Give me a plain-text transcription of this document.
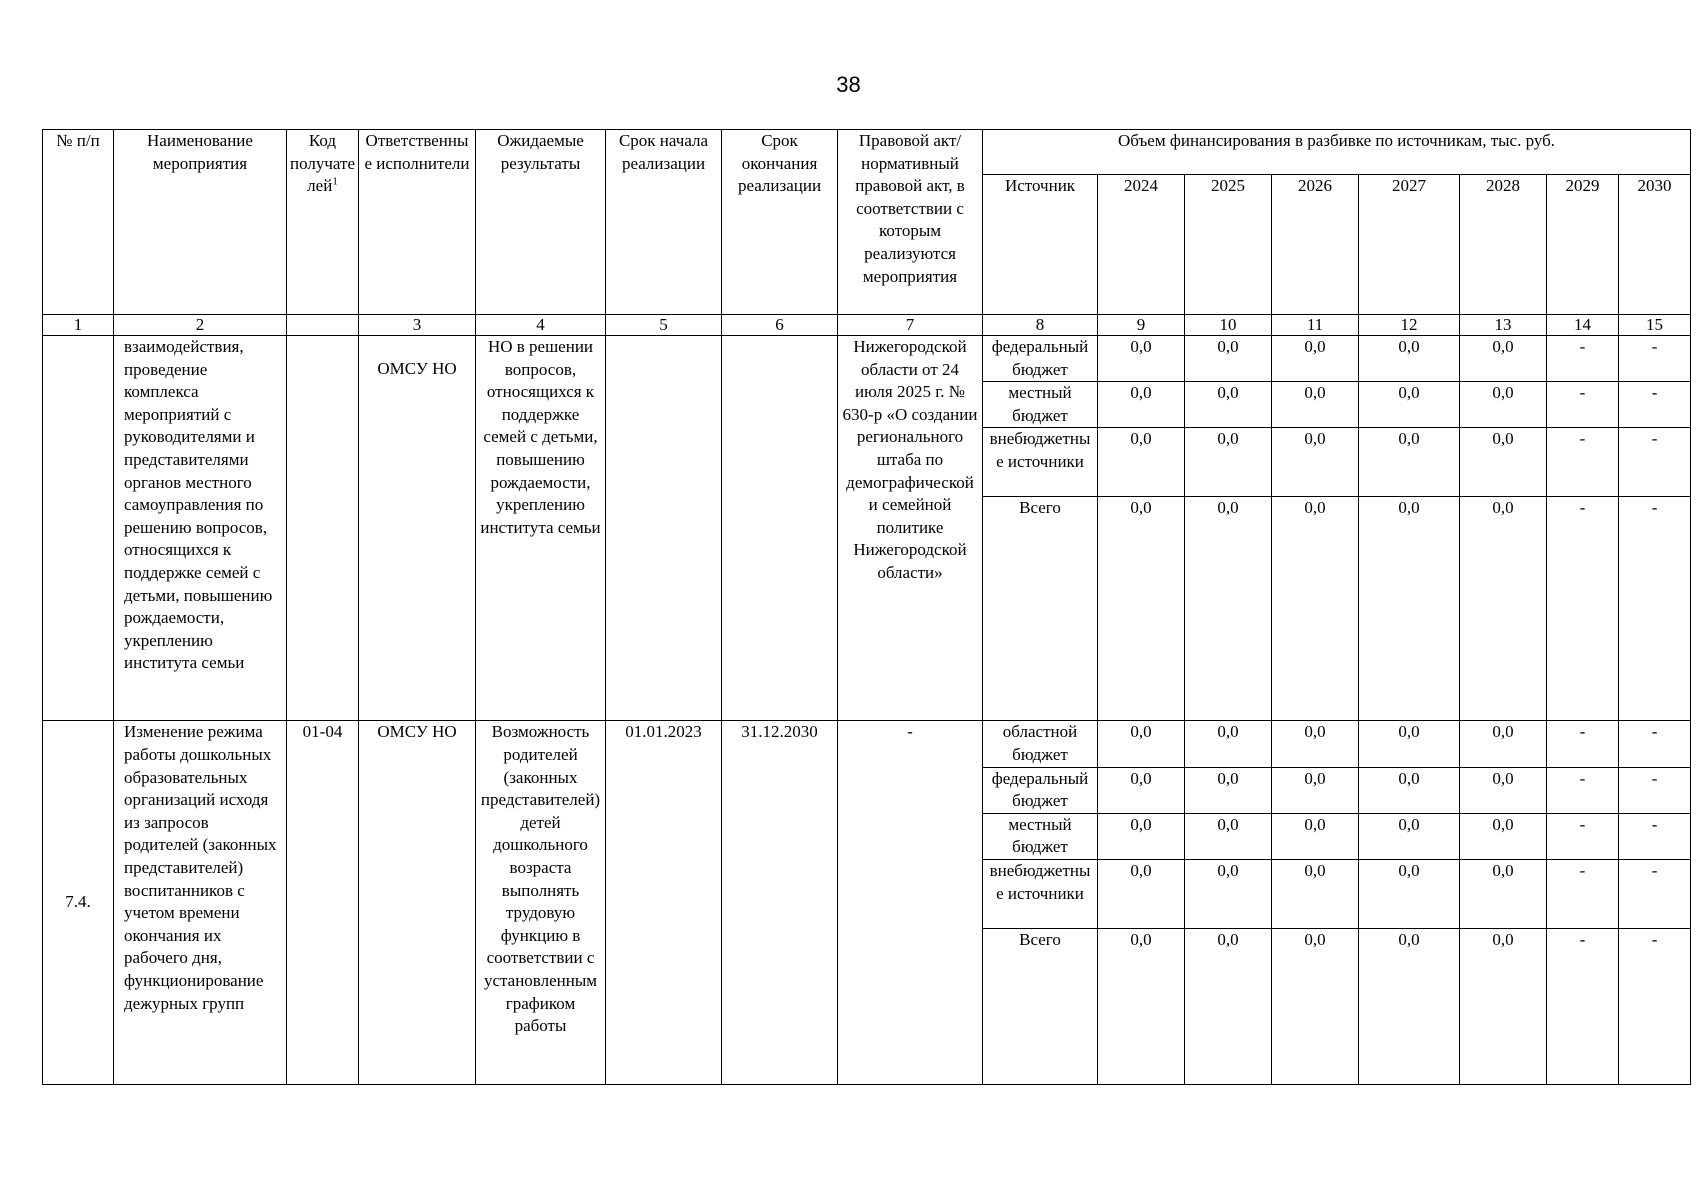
38
№ п/п	Наименование мероприятия	Код получателей$^1$	Ответственные исполнители	Ожидаемые результаты	Срок начала реализации	Срок окончания реализации	Правовой акт/нормативный правовой акт, в соответствии с которым реализуются мероприятия	Объем финансирования в разбивке по источникам, тыс. руб.							
								Источник	2024	2025	2026	2027	2028	2029	2030
1	2		3	4	5	6	7	8	9	10	11	12	13	14	15
	взаимодействия, проведение комплекса мероприятий с руководителями и представителями органов местного самоуправления по решению вопросов, относящихся к поддержке семей с детьми, повышению рождаемости, укреплению института семьи		ОМСУ НО	НО в решении вопросов, относящихся к поддержке семей с детьми, повышению рождаемости, укреплению института семьи			Нижегородской области от 24 июля 2025 г. № 630-р «О создании регионального штаба по демографической и семейной политике Нижегородской области»	федеральный бюджет	0,0	0,0	0,0	0,0	0,0	-	-
								местный бюджет	0,0	0,0	0,0	0,0	0,0	-	-
								внебюджетные источники	0,0	0,0	0,0	0,0	0,0	-	-
								Всего	0,0	0,0	0,0	0,0	0,0	-	-
7.4.	Изменение режима работы дошкольных образовательных организаций исходя из запросов родителей (законных представителей) воспитанников с учетом времени окончания их рабочего дня, функционирование дежурных групп	01-04	ОМСУ НО	Возможность родителей (законных представителей) детей дошкольного возраста выполнять трудовую функцию в соответствии с установленным графиком работы	01.01.2023	31.12.2030	-	областной бюджет	0,0	0,0	0,0	0,0	0,0	-	-
								федеральный бюджет	0,0	0,0	0,0	0,0	0,0	-	-
								местный бюджет	0,0	0,0	0,0	0,0	0,0	-	-
								внебюджетные источники	0,0	0,0	0,0	0,0	0,0	-	-
								Всего	0,0	0,0	0,0	0,0	0,0	-	-
